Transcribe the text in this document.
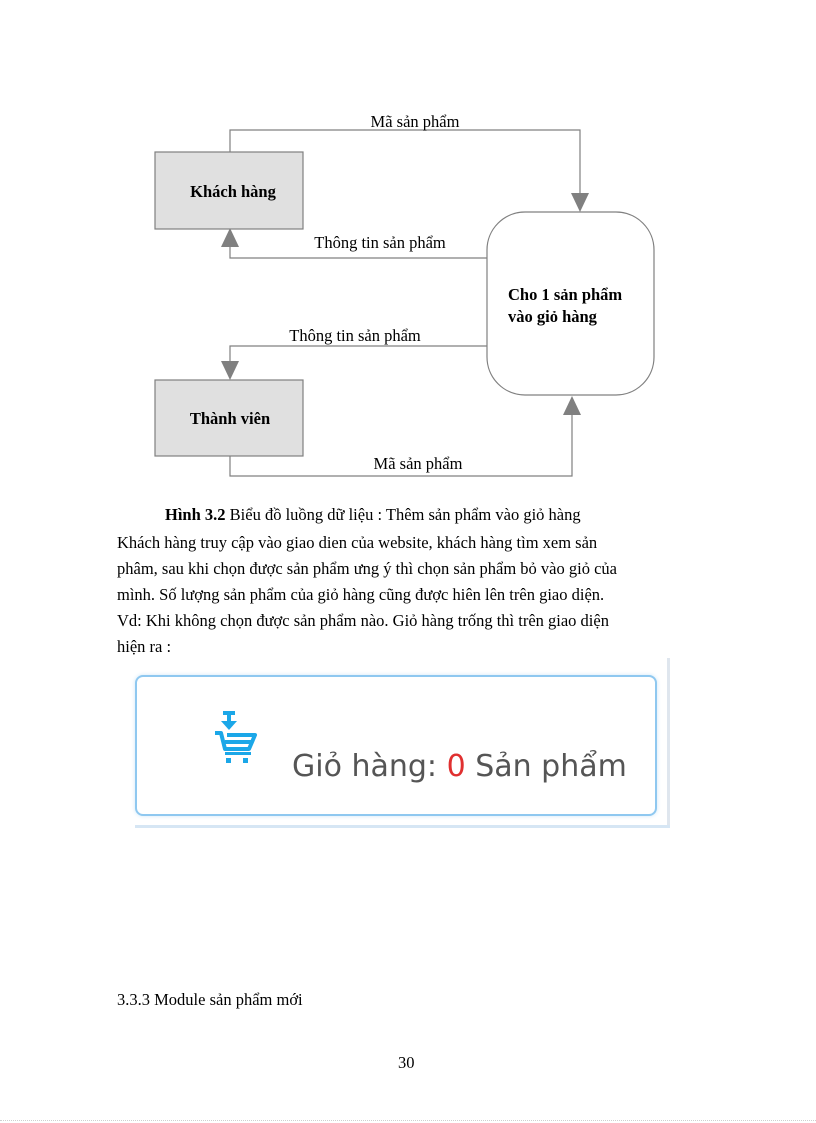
Mã sản phẩm
Thông tin sản phẩm
Thông tin sản phẩm
Mã sản phẩm
Khách hàng
Thành viên
Cho 1 sản phẩm
vào giỏ hàng
Hình 3.2 Biểu đồ luồng dữ liệu : Thêm sản phẩm vào giỏ hàng
Khách hàng truy cập vào giao dien của website, khách hàng tìm xem sản
phâm, sau khi chọn được sản phẩm ưng ý thì chọn sản phẩm bỏ vào giỏ của
mình. Số lượng sản phẩm của giỏ hàng cũng được hiên lên trên giao diện.
Vd: Khi không chọn được sản phẩm nào. Giỏ hàng trống thì trên giao diện
hiện ra :
Giỏ hàng: 0 Sản phẩm
3.3.3 Module sản phẩm mới
30
